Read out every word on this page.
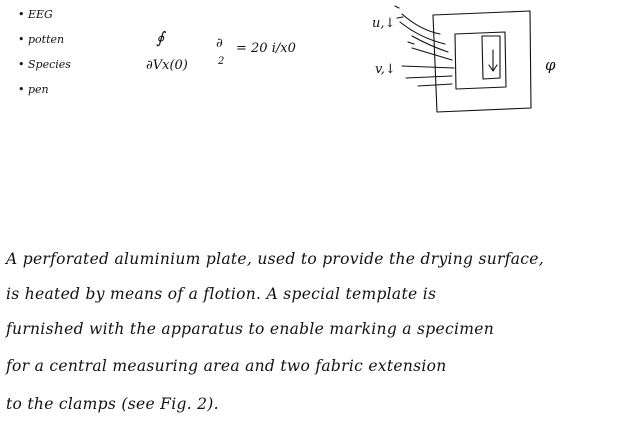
• EEG
• potten
• Species
• pen
∮
∂Vx(0)
∂
2
= 20 i/x0
u,↓
v,↓	φ
A perforated aluminium plate, used to provide the drying surface,
is heated by means of a flotion. A special template is
furnished with the apparatus to enable marking a specimen
for a central measuring area and two fabric extension
to the clamps (see Fig. 2).
